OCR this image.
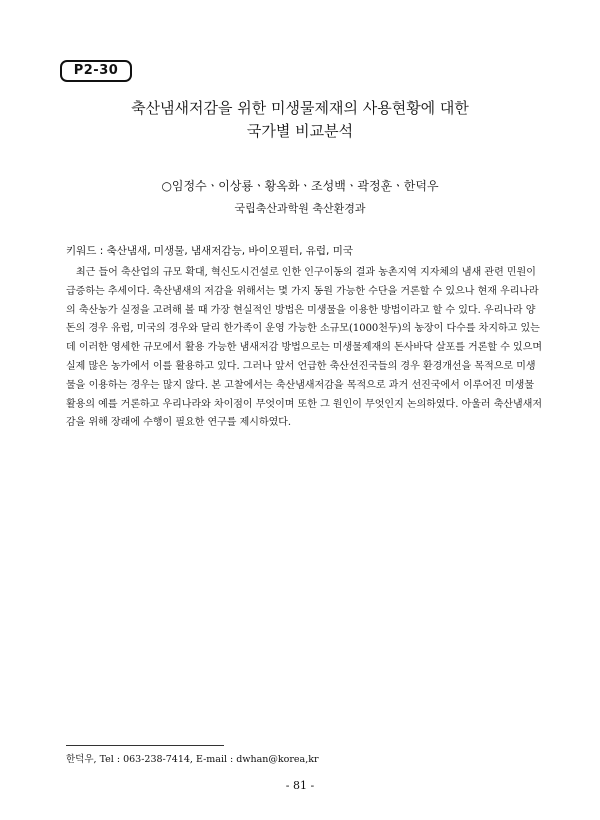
P2-30
축산냄새저감을 위한 미생물제재의 사용현황에 대한
국가별 비교분석
○임정수ㆍ이상룡ㆍ황옥화ㆍ조성백ㆍ곽정훈ㆍ한덕우
국립축산과학원 축산환경과
키워드 : 축산냄새, 미생물, 냄새저감능, 바이오필터, 유럽, 미국
최근 들어 축산업의 규모 확대, 혁신도시건설로 인한 인구이동의 결과 농촌지역 지자체의 냄새 관련 민원이
급증하는 추세이다. 축산냄새의 저감을 위해서는 몇 가지 동원 가능한 수단을 거론할 수 있으나 현재 우리나라
의 축산농가 실정을 고려해 볼 때 가장 현실적인 방법은 미생물을 이용한 방법이라고 할 수 있다. 우리나라 양
돈의 경우 유럽, 미국의 경우와 달리 한가족이 운영 가능한 소규모(1000천두)의 농장이 다수를 차지하고 있는
데 이러한 영세한 규모에서 활용 가능한 냄새저감 방법으로는 미생물제재의 돈사바닥 살포를 거론할 수 있으며
실제 많은 농가에서 이를 활용하고 있다. 그러나 앞서 언급한 축산선진국들의 경우 환경개선을 목적으로 미생
물을 이용하는 경우는 많지 않다. 본 고찰에서는 축산냄새저감을 목적으로 과거 선진국에서 이루어진 미생물
활용의 예를 거론하고 우리나라와 차이점이 무엇이며 또한 그 원인이 무엇인지 논의하였다. 아울러 축산냄새저
감을 위해 장래에 수행이 필요한 연구를 제시하였다.
한덕우, Tel : 063-238-7414, E-mail : dwhan@korea,kr
- 81 -
